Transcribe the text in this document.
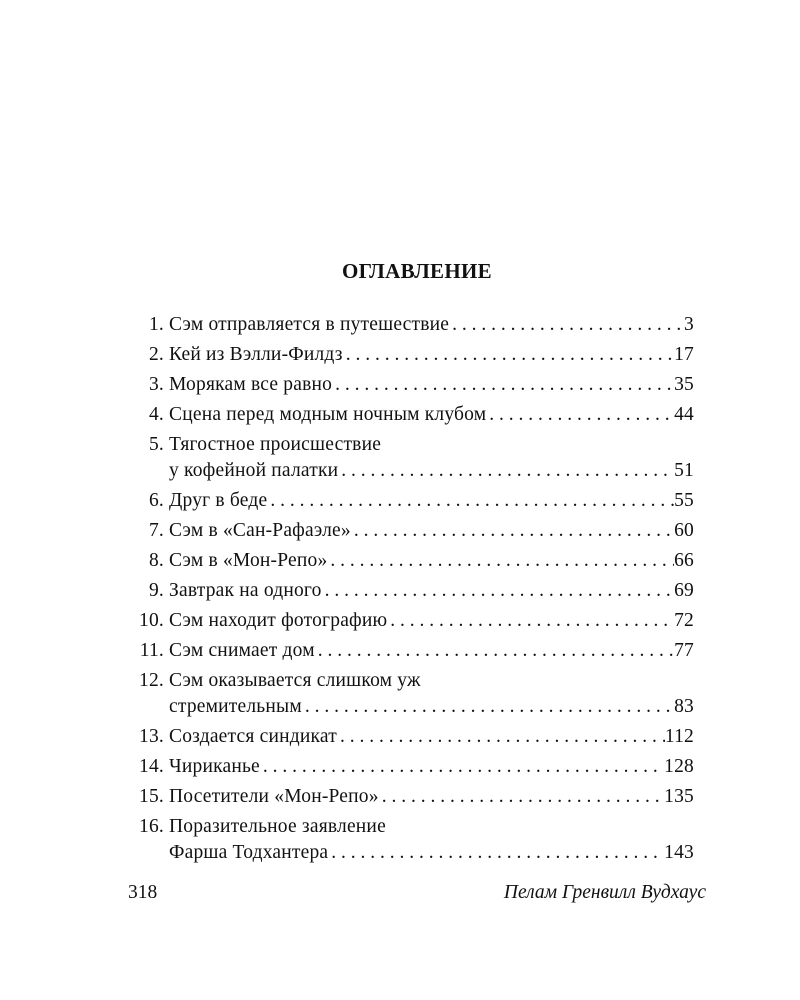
ОГЛАВЛЕНИЕ
1. Сэм отправляется в путешествие . . .	3
2. Кей из Вэлли-Филдз . . .	17
3. Морякам все равно . . .	35
4. Сцена перед модным ночным клубом . . .	44
5. Тягостное происшествие
у кофейной палатки . . .	51
6. Друг в беде . . .	55
7. Сэм в «Сан-Рафаэле» . . .	60
8. Сэм в «Мон-Репо» . . .	66
9. Завтрак на одного . . .	69
10. Сэм находит фотографию . . .	72
11. Сэм снимает дом . . .	77
12. Сэм оказывается слишком уж
стремительным . . .	83
13. Создается синдикат . . .	112
14. Чириканье . . .	128
15. Посетители «Мон-Репо» . . .	135
16. Поразительное заявление
Фарша Тодхантера . . .	143
318	Пелам Гренвилл Вудхаус
